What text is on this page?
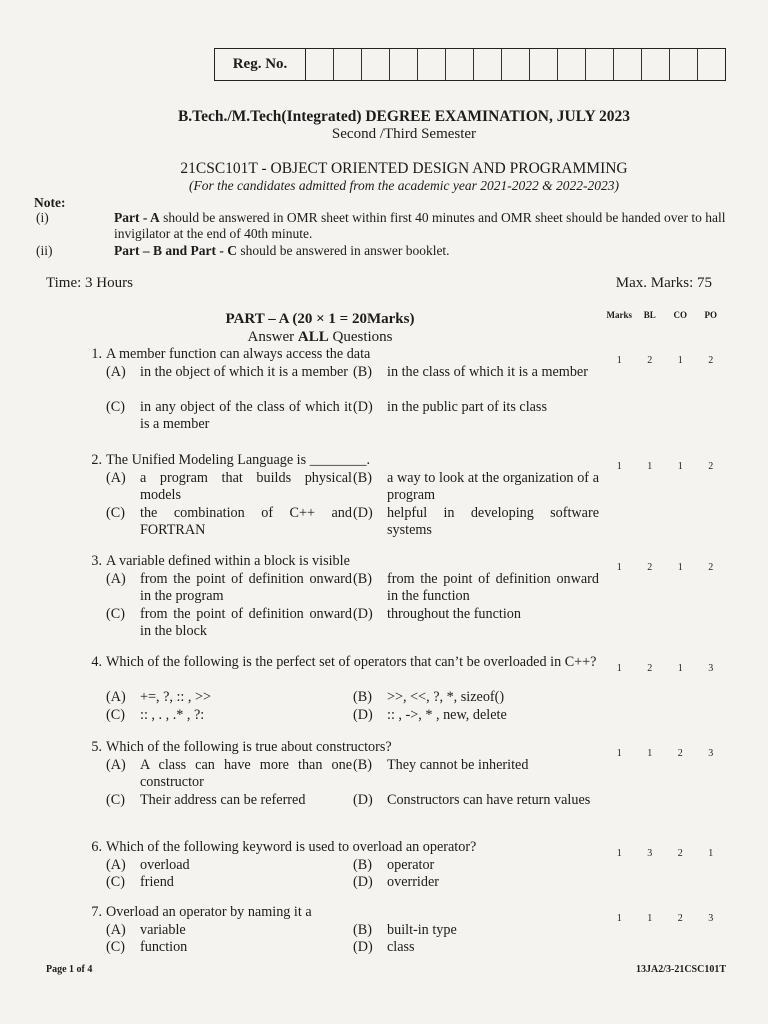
Reg. No.
B.Tech./M.Tech(Integrated) DEGREE EXAMINATION, JULY 2023
Second /Third Semester
21CSC101T - OBJECT ORIENTED DESIGN AND PROGRAMMING
(For the candidates admitted from the academic year 2021-2022 & 2022-2023)
Note:
(i)	Part - A should be answered in OMR sheet within first 40 minutes and OMR sheet should be handed over to hall invigilator at the end of 40th minute.
(ii)	Part – B and Part - C should be answered in answer booklet.
Time: 3 Hours	Max. Marks: 75
PART – A (20 × 1 = 20Marks)
Answer ALL Questions
Marks	BL	CO	PO
1. A member function can always access the data	1	2	1	2
(A) in the object of which it is a member (B) in the class of which it is a member
(C) in any object of the class of which it is a member
(D) in the public part of its class
2. The Unified Modeling Language is ________.	1	1	1	2
(A) a program that builds physical models
(B) a way to look at the organization of a program
(C) the combination of C++ and FORTRAN
(D) helpful in developing software systems
3. A variable defined within a block is visible	1	2	1	2
(A) from the point of definition onward in the program
(B) from the point of definition onward in the function
(C) from the point of definition onward in the block
(D) throughout the function
4. Which of the following is the perfect set of operators that can’t be overloaded in C++?	1	2	1	3
(A) +=, ?, :: , >>	(B) >>, <<, ?, *, sizeof()
(C) :: , . , .* , ?:	(D) :: , ->, * , new, delete
5. Which of the following is true about constructors?	1	1	2	3
(A) A class can have more than one constructor
(B) They cannot be inherited
(C) Their address can be referred	(D) Constructors can have return values
6. Which of the following keyword is used to overload an operator?	1	3	2	1
(A) overload	(B) operator
(C) friend	(D) overrider
7. Overload an operator by naming it a	1	1	2	3
(A) variable	(B) built-in type
(C) function	(D) class
Page 1 of 4	13JA2/3-21CSC101T
